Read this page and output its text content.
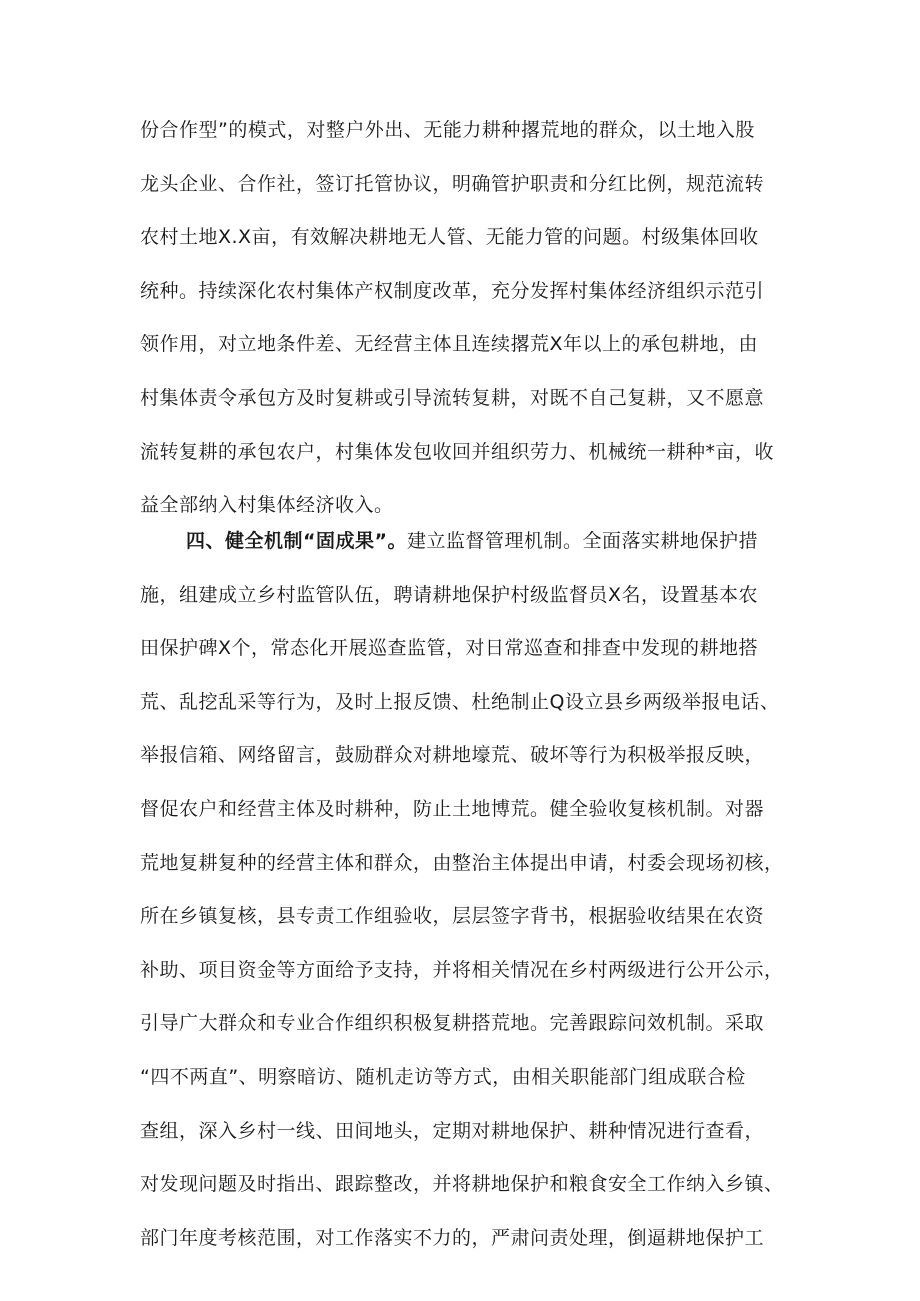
份合作型”的模式，对整户外出、无能力耕种撂荒地的群众，以土地入股
龙头企业、合作社，签订托管协议，明确管护职责和分红比例，规范流转
农村土地X.X亩，有效解决耕地无人管、无能力管的问题。村级集体回收
统种。持续深化农村集体产权制度改革，充分发挥村集体经济组织示范引
领作用，对立地条件差、无经营主体且连续撂荒X年以上的承包耕地，由
村集体责令承包方及时复耕或引导流转复耕，对既不自己复耕，又不愿意
流转复耕的承包农户，村集体发包收回并组织劳力、机械统一耕种*亩，收
益全部纳入村集体经济收入。
四、健全机制“固成果”。建立监督管理机制。全面落实耕地保护措
施，组建成立乡村监管队伍，聘请耕地保护村级监督员X名，设置基本农
田保护碑X个，常态化开展巡查监管，对日常巡查和排查中发现的耕地搭
荒、乱挖乱采等行为，及时上报反馈、杜绝制止Q设立县乡两级举报电话、
举报信箱、网络留言，鼓励群众对耕地壕荒、破坏等行为积极举报反映，
督促农户和经营主体及时耕种，防止土地博荒。健全验收复核机制。对器
荒地复耕复种的经营主体和群众，由整治主体提出申请，村委会现场初核，
所在乡镇复核，县专责工作组验收，层层签字背书，根据验收结果在农资
补助、项目资金等方面给予支持，并将相关情况在乡村两级进行公开公示，
引导广大群众和专业合作组织积极复耕搭荒地。完善跟踪问效机制。采取
“四不两直”、明察暗访、随机走访等方式，由相关职能部门组成联合检
查组，深入乡村一线、田间地头，定期对耕地保护、耕种情况进行查看，
对发现问题及时指出、跟踪整改，并将耕地保护和粮食安全工作纳入乡镇、
部门年度考核范围，对工作落实不力的，严肃问责处理，倒逼耕地保护工
